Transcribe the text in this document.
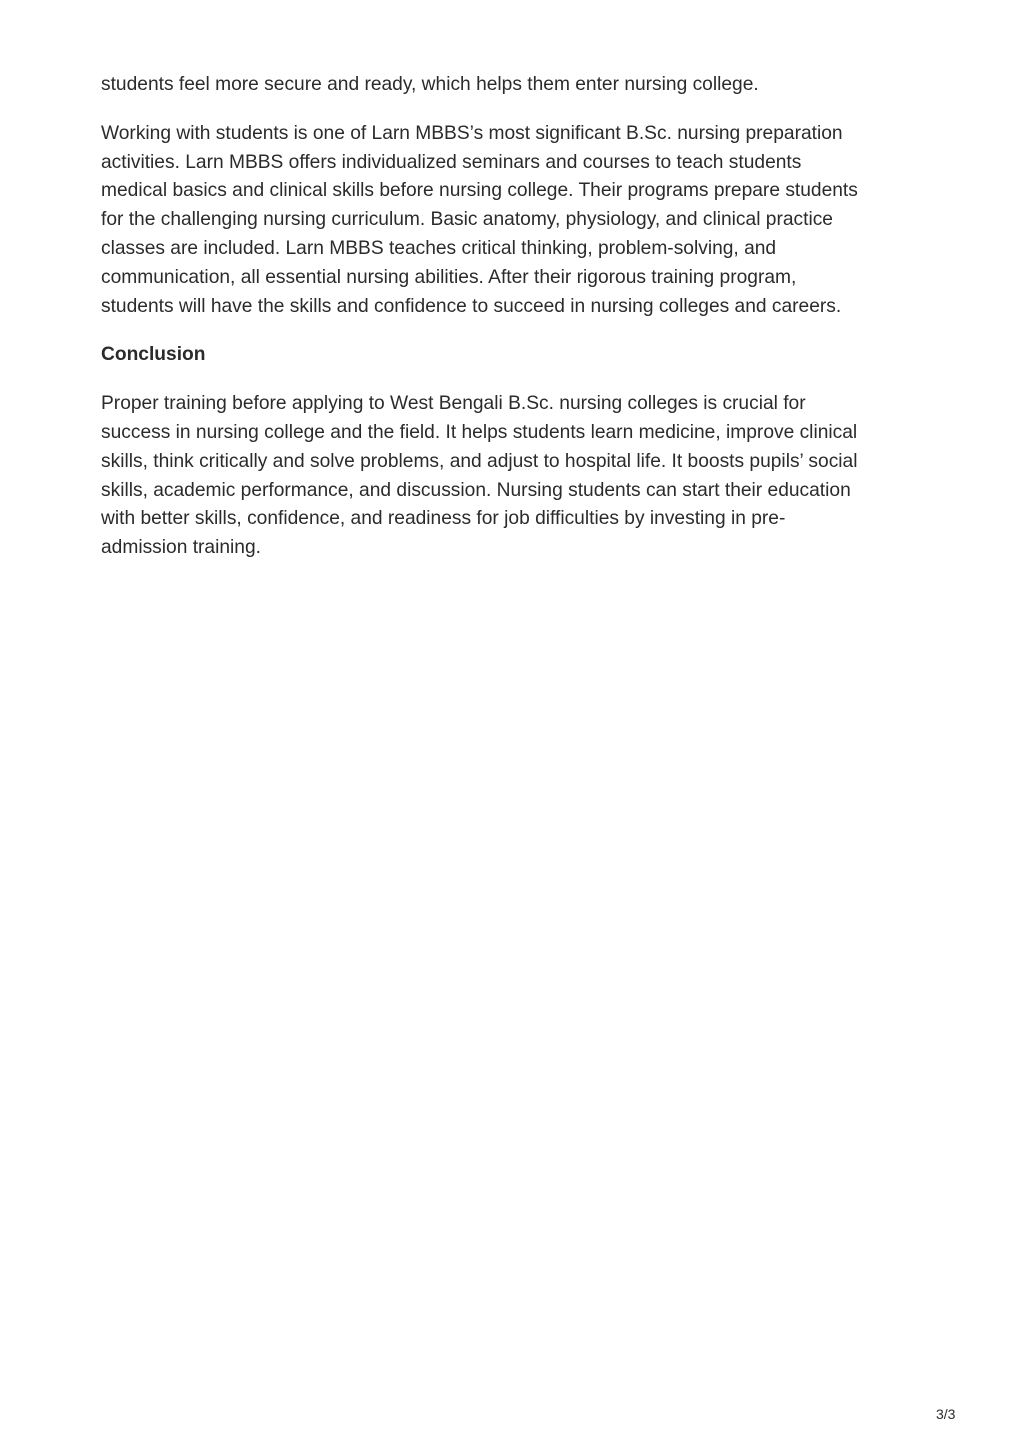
students feel more secure and ready, which helps them enter nursing college.

Working with students is one of Larn MBBS’s most significant B.Sc. nursing preparation
activities. Larn MBBS offers individualized seminars and courses to teach students
medical basics and clinical skills before nursing college. Their programs prepare students
for the challenging nursing curriculum. Basic anatomy, physiology, and clinical practice
classes are included. Larn MBBS teaches critical thinking, problem-solving, and
communication, all essential nursing abilities. After their rigorous training program,
students will have the skills and confidence to succeed in nursing colleges and careers.

Conclusion

Proper training before applying to West Bengali B.Sc. nursing colleges is crucial for
success in nursing college and the field. It helps students learn medicine, improve clinical
skills, think critically and solve problems, and adjust to hospital life. It boosts pupils’ social
skills, academic performance, and discussion. Nursing students can start their education
with better skills, confidence, and readiness for job difficulties by investing in pre-
admission training.

3/3
